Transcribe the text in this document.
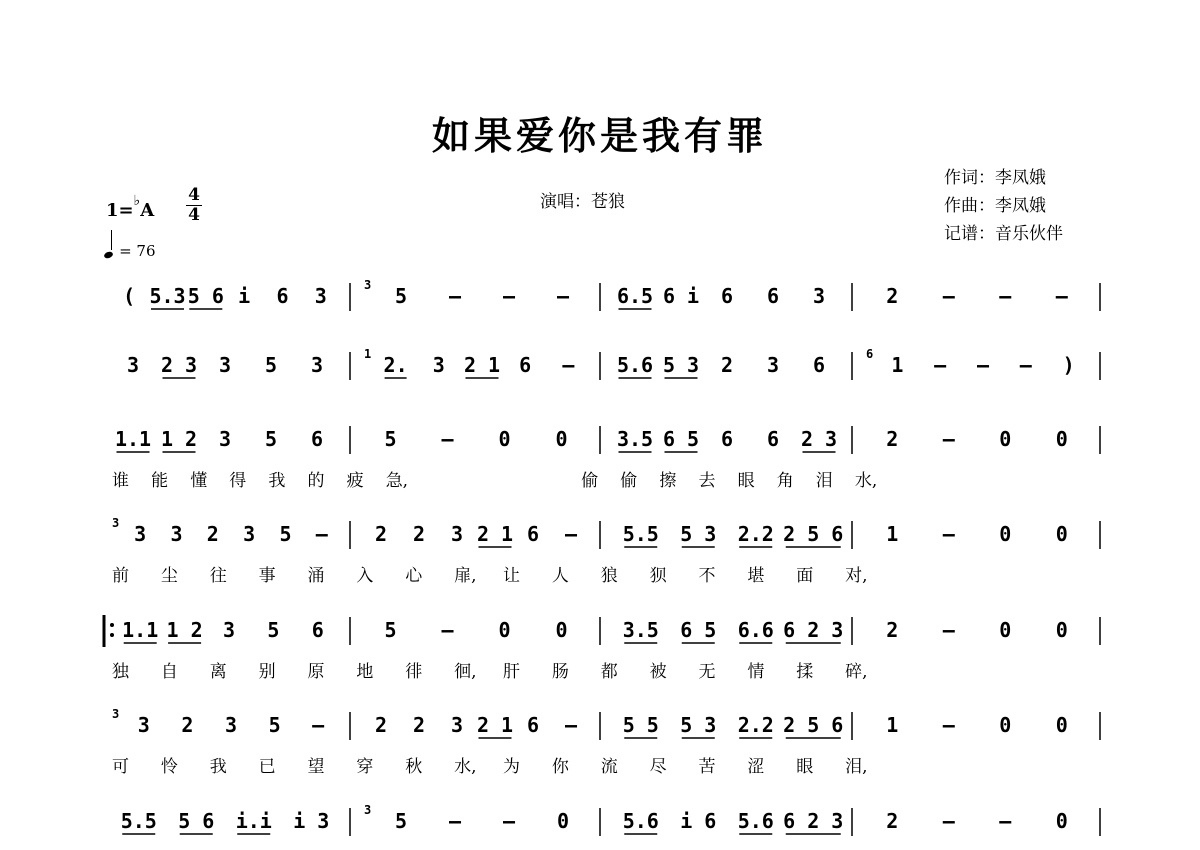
如果爱你是我有罪
演唱：苍狼
作词：李凤娥
作曲：李凤娥
记谱：音乐伙伴
$1=^♭A \frac{4}{4}$
= 76
( 5.3 5 6 i 6 3	3 5 – – – 6.5 6 i 6 6 3	2 – – –
3 2 3 3 5 3	1 2. 3 2 1 6 – 5.6 5 3 2 3 6	6 1 – – – )
1.1 1 2 3 5 6	5 – 0 0 3.5 6 5 6 6 2 3 2 – 0 0
谁 能 懂 得 我 的 疲 急,	偷 偷 擦 去 眼 角 泪 水,
3 3 3 2 3 5 – 2 2 3 2 1 6 – 5.5 5 3 2.2 2 5 6 1 – 0 0
前 尘 往 事 涌 入 心 扉, 让 人 狼 狈 不 堪 面 对,
1.1 1 2 3 5 6	5 – 0 0	3.5 6 5 6.6 6 2 3 2 – 0 0
独 自 离 别 原 地 徘 徊, 肝 肠 都 被 无 情 揉 碎,
3 3 2 3 5 –	2 2 3 2 1 6 – 5 5 5 3 2.2 2 5 6 1 – 0 0
可 怜 我 已 望 穿 秋 水, 为 你 流 尽 苦 涩 眼 泪,
5.5 5 6 i.i i 3	3 5 – – 0	5.6 i 6 5.6 6 2 3 2 – – 0
